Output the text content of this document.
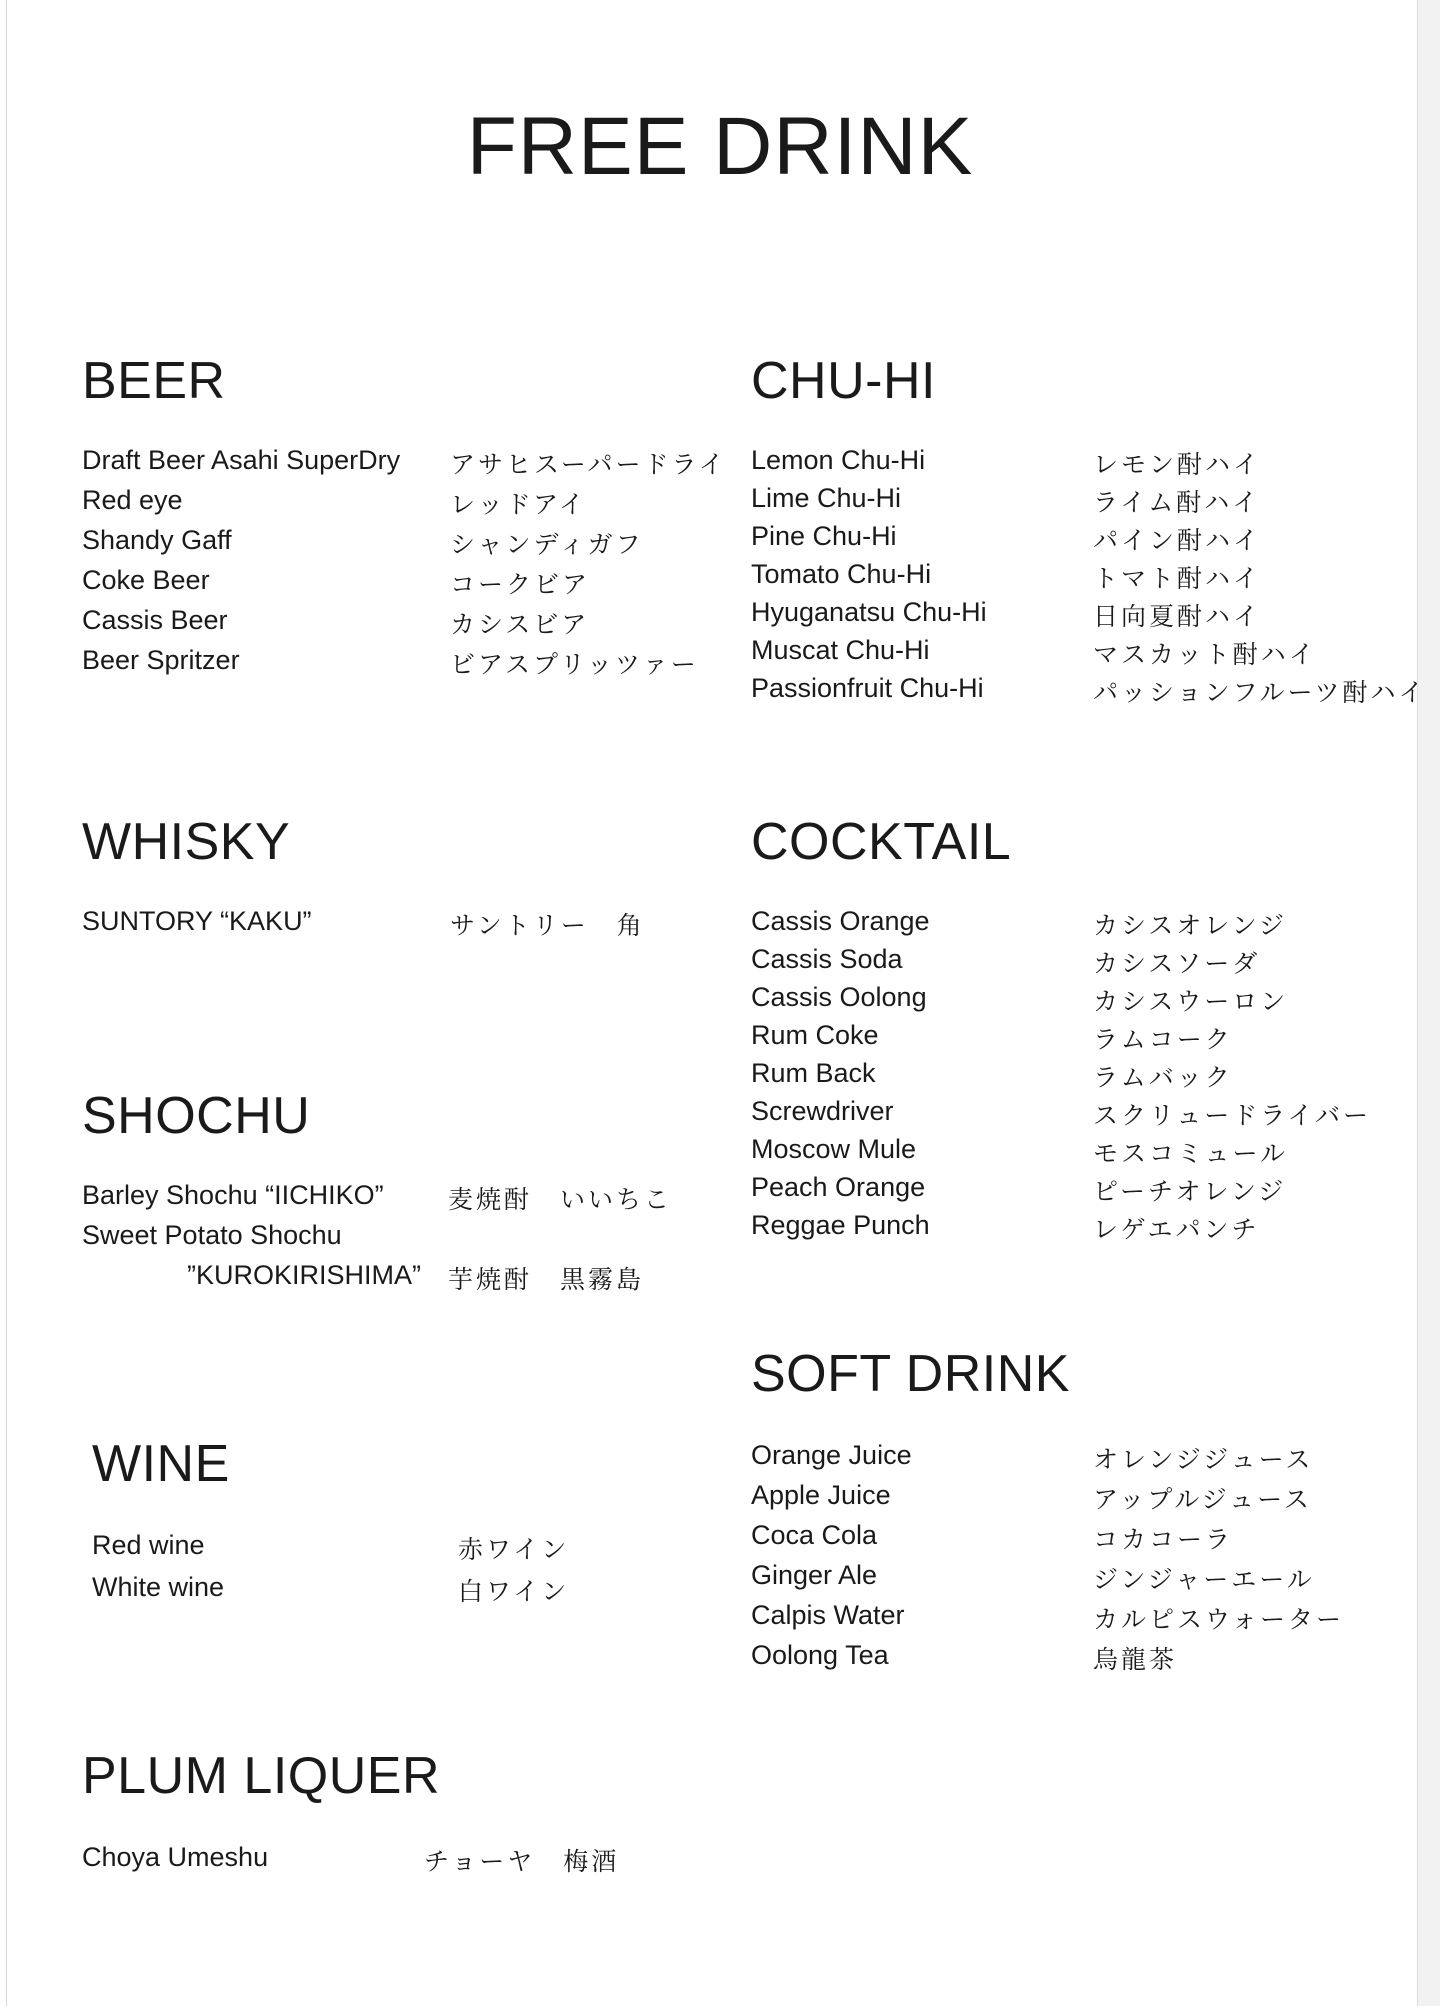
FREE DRINK
BEER
Draft Beer Asahi SuperDry アサヒスーパードライ
Red eye	レッドアイ
Shandy Gaff	シャンディガフ
Coke Beer	コークビア
Cassis Beer	カシスビア
Beer Spritzer	ビアスプリッツァー
CHU-HI
Lemon Chu-Hi	レモン酎ハイ
Lime Chu-Hi	ライム酎ハイ
Pine Chu-Hi	パイン酎ハイ
Tomato Chu-Hi	トマト酎ハイ
Hyuganatsu Chu-Hi	日向夏酎ハイ
Muscat Chu-Hi	マスカット酎ハイ
Passionfruit Chu-Hi	パッションフルーツ酎ハイ
WHISKY
SUNTORY “KAKU”	サントリー　角
COCKTAIL
Cassis Orange	カシスオレンジ
Cassis Soda	カシスソーダ
Cassis Oolong	カシスウーロン
Rum Coke	ラムコーク
Rum Back	ラムバック
Screwdriver	スクリュードライバー
Moscow Mule	モスコミュール
Peach Orange	ピーチオレンジ
Reggae Punch	レゲエパンチ
SHOCHU
Barley Shochu “IICHIKO”	麦焼酎　いいちこ
Sweet Potato Shochu
”KUROKIRISHIMA” 芋焼酎　黒霧島
SOFT DRINK
Orange Juice	オレンジジュース
Apple Juice	アップルジュース
Coca Cola	コカコーラ
Ginger Ale	ジンジャーエール
Calpis Water	カルピスウォーター
Oolong Tea	烏龍茶
WINE
Red wine	赤ワイン
White wine	白ワイン
PLUM LIQUER
Choya Umeshu	チョーヤ　梅酒
